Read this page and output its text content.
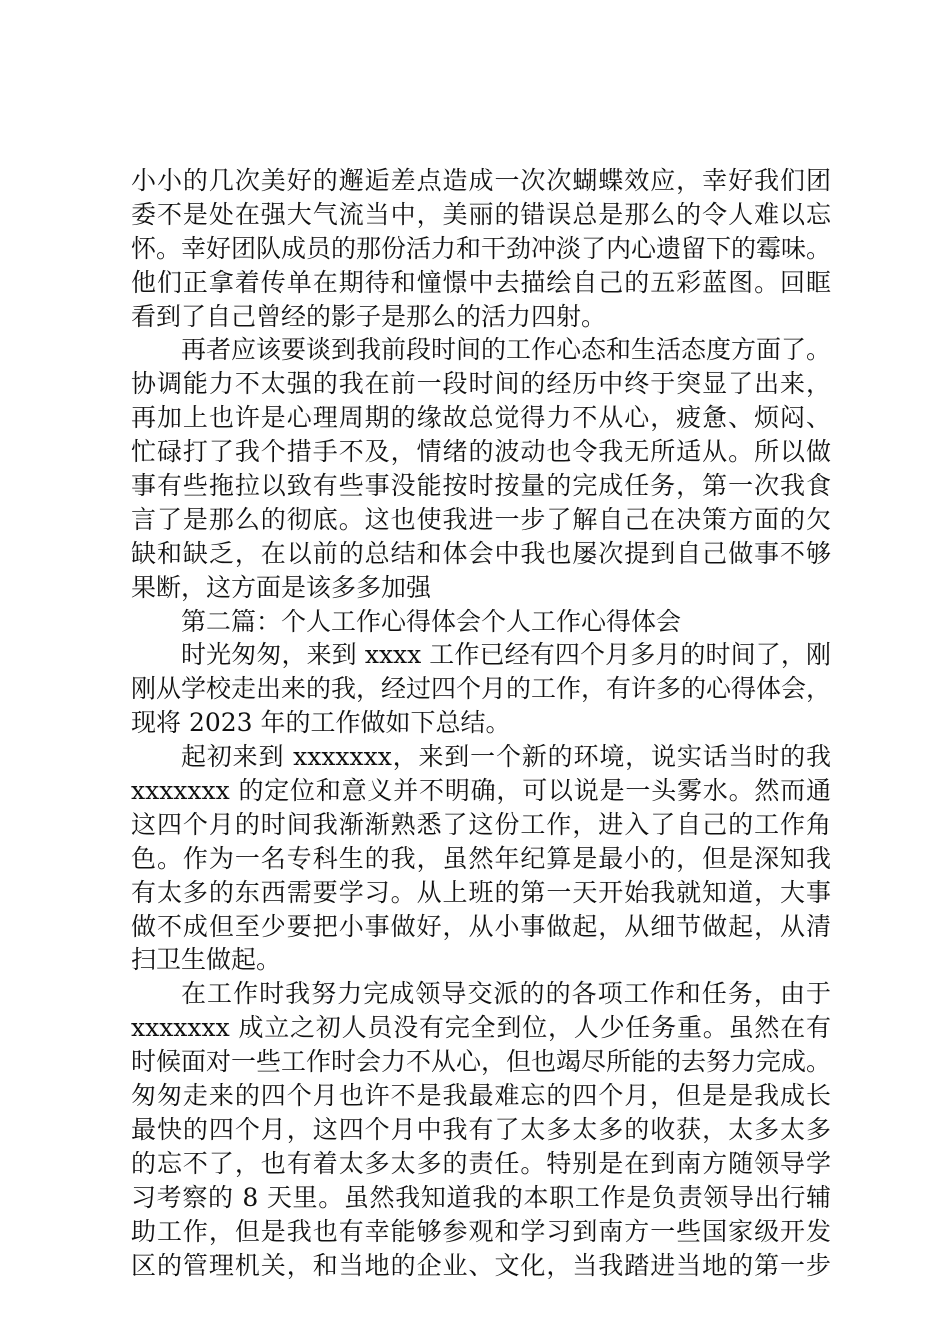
小小的几次美好的邂逅差点造成一次次蝴蝶效应，幸好我们团
委不是处在强大气流当中，美丽的错误总是那么的令人难以忘
怀。幸好团队成员的那份活力和干劲冲淡了内心遗留下的霉味。
他们正拿着传单在期待和憧憬中去描绘自己的五彩蓝图。回眶
看到了自己曾经的影子是那么的活力四射。
再者应该要谈到我前段时间的工作心态和生活态度方面了。
协调能力不太强的我在前一段时间的经历中终于突显了出来，
再加上也许是心理周期的缘故总觉得力不从心，疲惫、烦闷、
忙碌打了我个措手不及，情绪的波动也令我无所适从。所以做
事有些拖拉以致有些事没能按时按量的完成任务，第一次我食
言了是那么的彻底。这也使我进一步了解自己在决策方面的欠
缺和缺乏，在以前的总结和体会中我也屡次提到自己做事不够
果断，这方面是该多多加强
第二篇：个人工作心得体会个人工作心得体会
时光匆匆，来到 xxxx 工作已经有四个月多月的时间了，刚
刚从学校走出来的我，经过四个月的工作，有许多的心得体会，
现将 2023 年的工作做如下总结。
起初来到 xxxxxxx，来到一个新的环境，说实话当时的我
xxxxxxx 的定位和意义并不明确，可以说是一头雾水。然而通
这四个月的时间我渐渐熟悉了这份工作，进入了自己的工作角
色。作为一名专科生的我，虽然年纪算是最小的，但是深知我
有太多的东西需要学习。从上班的第一天开始我就知道，大事
做不成但至少要把小事做好，从小事做起，从细节做起，从清
扫卫生做起。
在工作时我努力完成领导交派的的各项工作和任务，由于
xxxxxxx 成立之初人员没有完全到位，人少任务重。虽然在有
时候面对一些工作时会力不从心，但也竭尽所能的去努力完成。
匆匆走来的四个月也许不是我最难忘的四个月，但是是我成长
最快的四个月，这四个月中我有了太多太多的收获，太多太多
的忘不了，也有着太多太多的责任。特别是在到南方随领导学
习考察的 8 天里。虽然我知道我的本职工作是负责领导出行辅
助工作，但是我也有幸能够参观和学习到南方一些国家级开发
区的管理机关，和当地的企业、文化，当我踏进当地的第一步
